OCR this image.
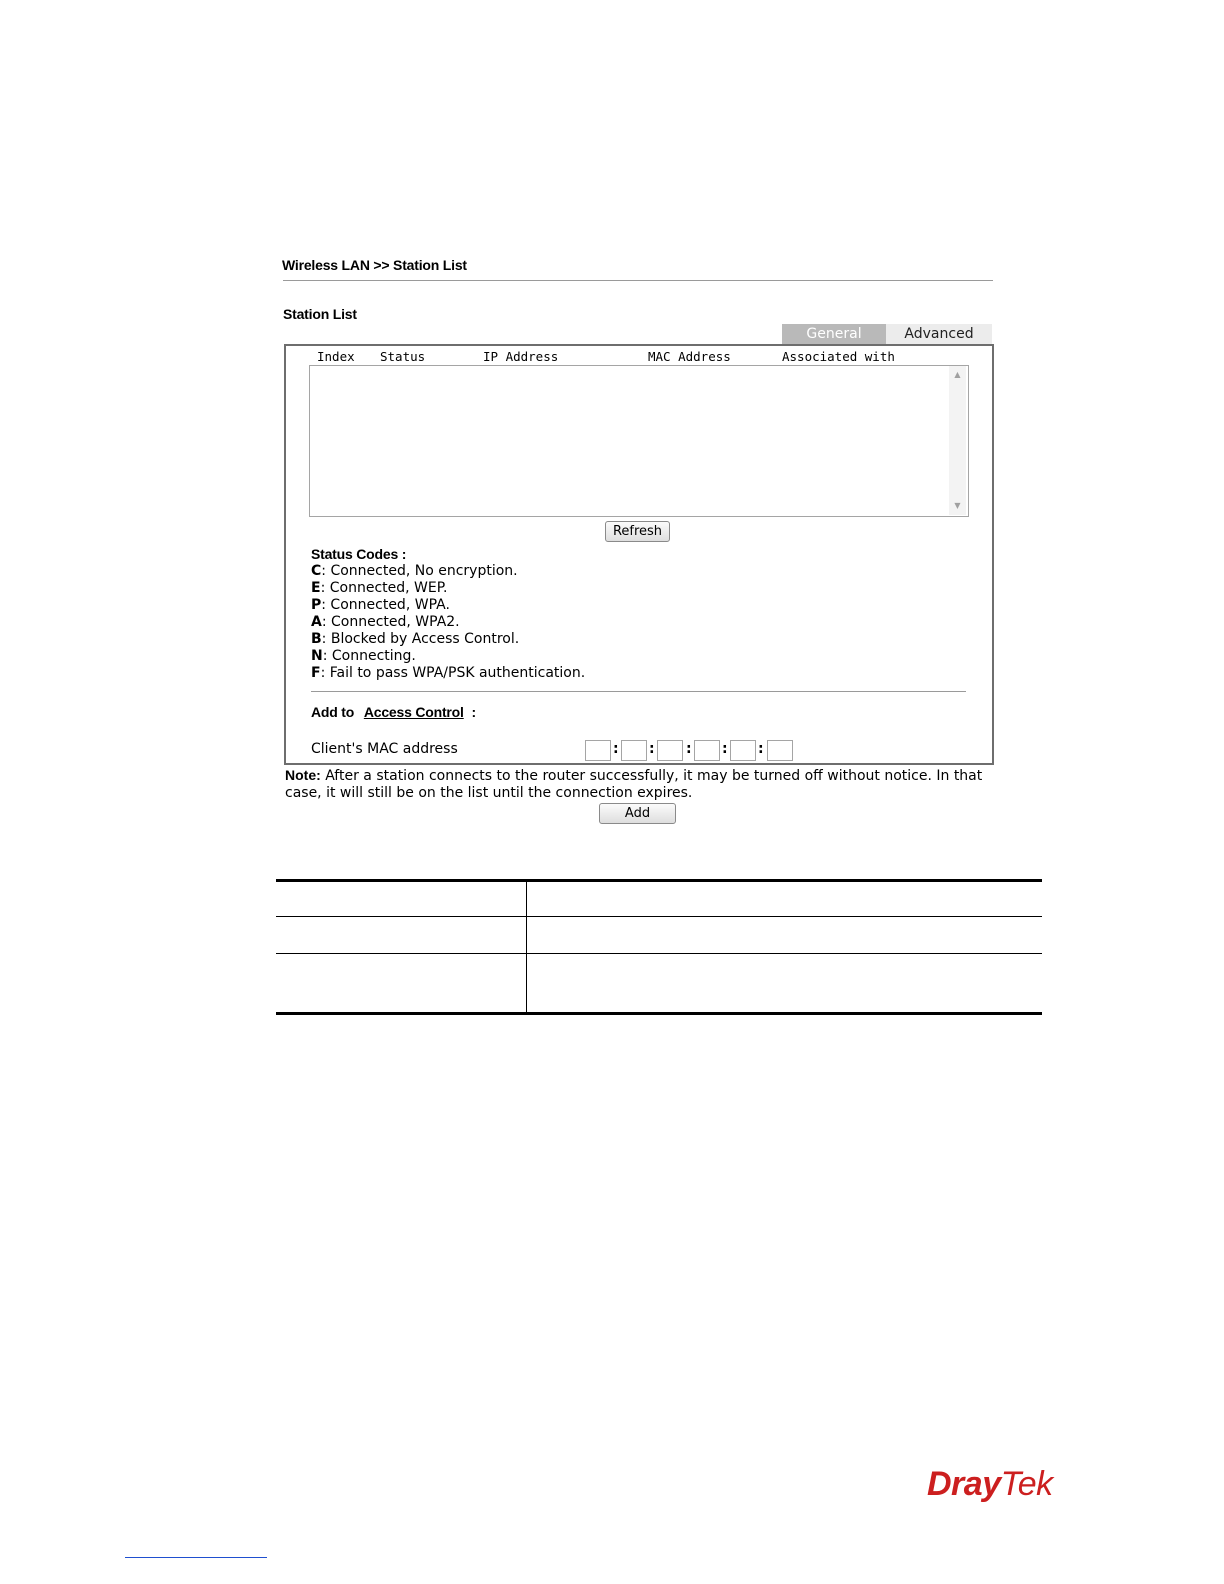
Wireless LAN >> Station List
Station List
General	Advanced
Index Status	IP Address	MAC Address	Associated with
▲
▼
Refresh
Status Codes :
C: Connected, No encryption.
E: Connected, WEP.
P: Connected, WPA.
A: Connected, WPA2.
B: Blocked by Access Control.
N: Connecting.
F: Fail to pass WPA/PSK authentication.
Add to Access Control :
Client's MAC address	: : : : :
Note: After a station connects to the router successfully, it may be turned off without notice. In that case, it will still be on the list until the connection expires.
Add
DrayTek
